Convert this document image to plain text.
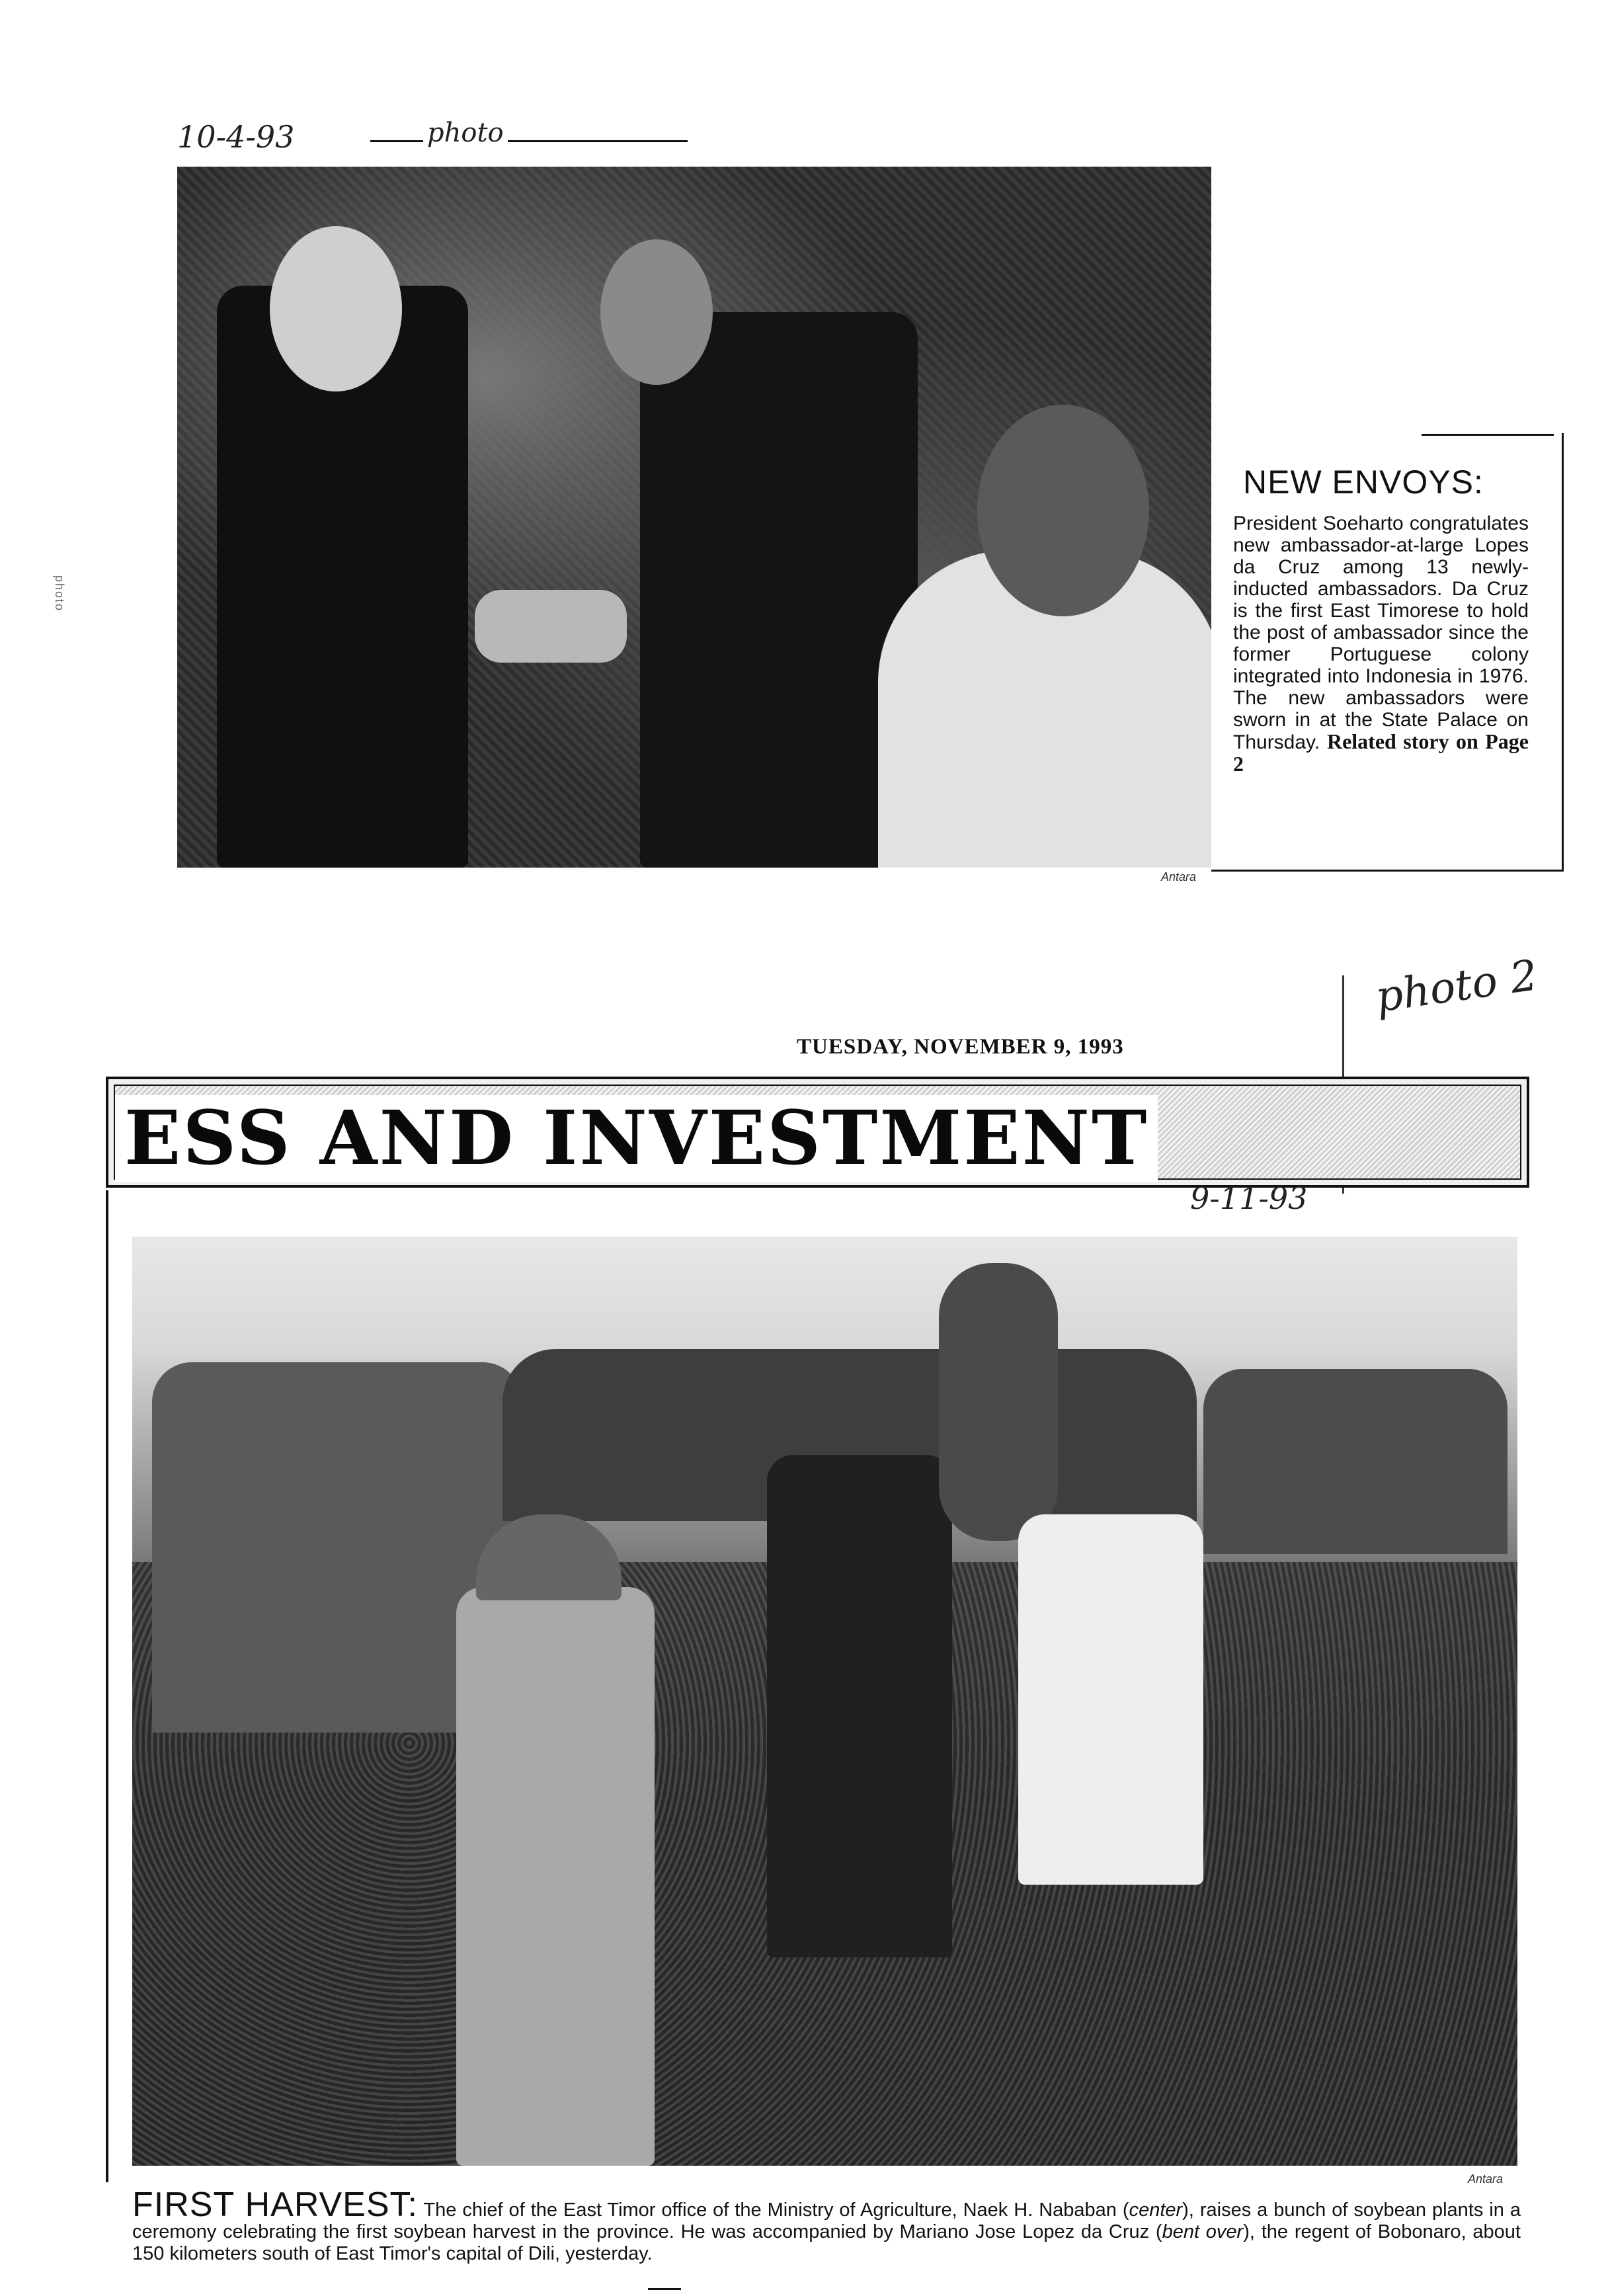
10-4-93	photo
Antara
NEW ENVOYS:
President Soeharto congratulates new ambassador-at-large Lopes da Cruz among 13 newly-inducted ambassadors. Da Cruz is the first East Timorese to hold the post of ambassador since the former Portuguese colony integrated into Indonesia in 1976. The new ambassadors were sworn in at the State Palace on Thursday. Related story on Page 2
photo
photo 2
TUESDAY, NOVEMBER 9, 1993
ESS AND INVESTMENT
9-11-93
Antara
FIRST HARVEST: The chief of the East Timor office of the Ministry of Agriculture, Naek H. Nababan (center), raises a bunch of soybean plants in a ceremony celebrating the first soybean harvest in the province. He was accompanied by Mariano Jose Lopez da Cruz (bent over), the regent of Bobonaro, about 150 kilometers south of East Timor's capital of Dili, yesterday.
